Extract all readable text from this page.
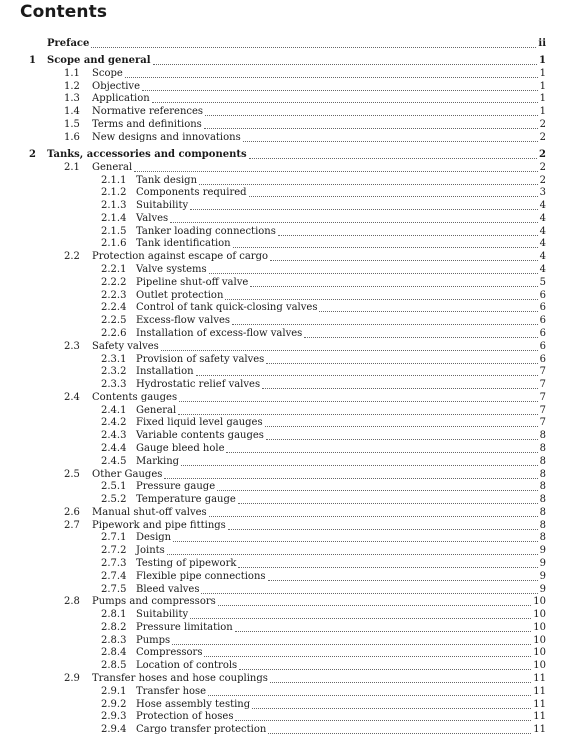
Contents
Preface	ii
1 Scope and general	1
1.1 Scope	1
1.2 Objective	1
1.3 Application	1
1.4 Normative references	1
1.5 Terms and definitions	2
1.6 New designs and innovations	2
2 Tanks, accessories and components	2
2.1 General	2
2.1.1 Tank design	2
2.1.2 Components required	3
2.1.3 Suitability	4
2.1.4 Valves	4
2.1.5 Tanker loading connections	4
2.1.6 Tank identification	4
2.2 Protection against escape of cargo	4
2.2.1 Valve systems	4
2.2.2 Pipeline shut-off valve	5
2.2.3 Outlet protection	6
2.2.4 Control of tank quick-closing valves	6
2.2.5 Excess-flow valves	6
2.2.6 Installation of excess-flow valves	6
2.3 Safety valves	6
2.3.1 Provision of safety valves	6
2.3.2 Installation	7
2.3.3 Hydrostatic relief valves	7
2.4 Contents gauges	7
2.4.1 General	7
2.4.2 Fixed liquid level gauges	7
2.4.3 Variable contents gauges	8
2.4.4 Gauge bleed hole	8
2.4.5 Marking	8
2.5 Other Gauges	8
2.5.1 Pressure gauge	8
2.5.2 Temperature gauge	8
2.6 Manual shut-off valves	8
2.7 Pipework and pipe fittings	8
2.7.1 Design	8
2.7.2 Joints	9
2.7.3 Testing of pipework	9
2.7.4 Flexible pipe connections	9
2.7.5 Bleed valves	9
2.8 Pumps and compressors	10
2.8.1 Suitability	10
2.8.2 Pressure limitation	10
2.8.3 Pumps	10
2.8.4 Compressors	10
2.8.5 Location of controls	10
2.9 Transfer hoses and hose couplings	11
2.9.1 Transfer hose	11
2.9.2 Hose assembly testing	11
2.9.3 Protection of hoses	11
2.9.4 Cargo transfer protection	11
